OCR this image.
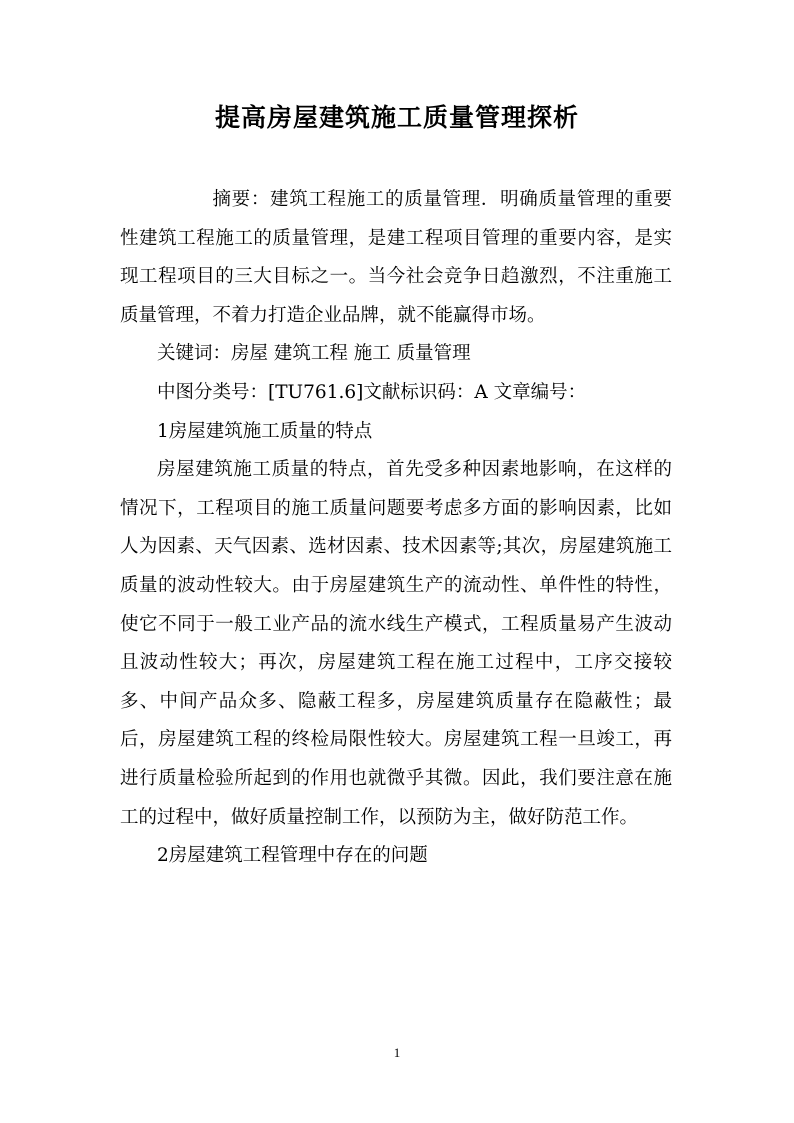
提高房屋建筑施工质量管理探析

摘要：建筑工程施工的质量管理．明确质量管理的重要性建筑工程施工的质量管理，是建工程项目管理的重要内容，是实现工程项目的三大目标之一。当今社会竞争日趋激烈，不注重施工质量管理，不着力打造企业品牌，就不能赢得市场。

关键词：房屋 建筑工程 施工 质量管理

中图分类号：[TU761.6]文献标识码：A 文章编号：

1房屋建筑施工质量的特点

房屋建筑施工质量的特点，首先受多种因素地影响，在这样的情况下，工程项目的施工质量问题要考虑多方面的影响因素，比如人为因素、天气因素、选材因素、技术因素等;其次，房屋建筑施工质量的波动性较大。由于房屋建筑生产的流动性、单件性的特性，使它不同于一般工业产品的流水线生产模式，工程质量易产生波动且波动性较大；再次，房屋建筑工程在施工过程中，工序交接较多、中间产品众多、隐蔽工程多，房屋建筑质量存在隐蔽性；最后，房屋建筑工程的终检局限性较大。房屋建筑工程一旦竣工，再进行质量检验所起到的作用也就微乎其微。因此，我们要注意在施工的过程中，做好质量控制工作，以预防为主，做好防范工作。

2房屋建筑工程管理中存在的问题

1
